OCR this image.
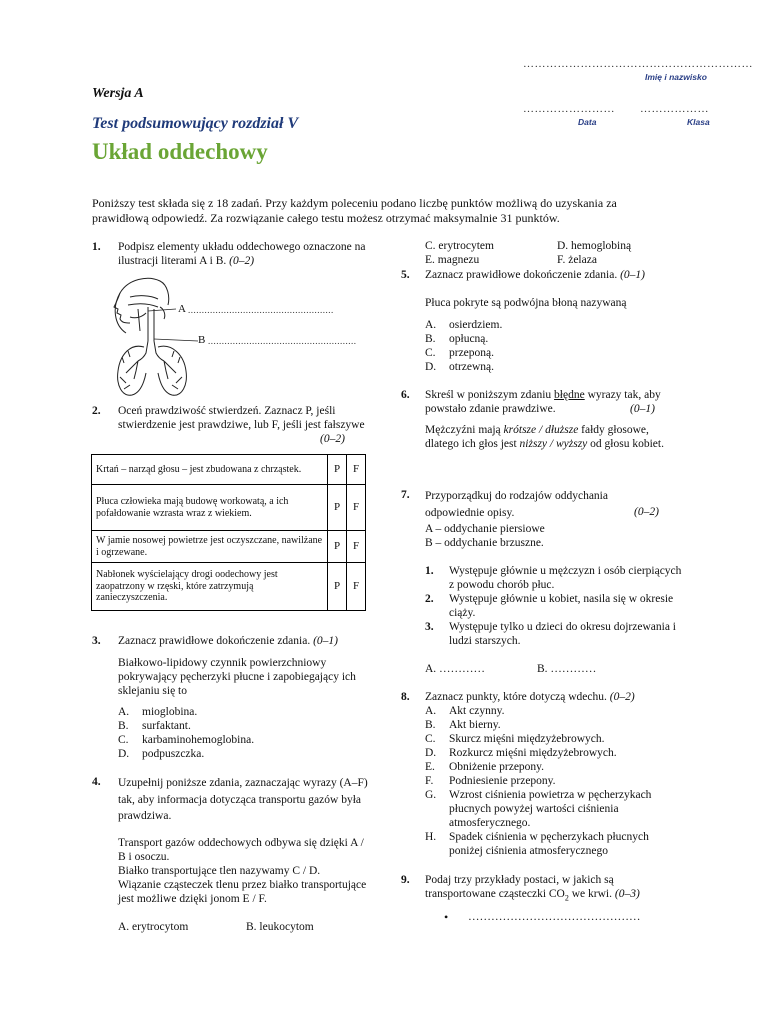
……………………………………………………
Imię i nazwisko
……………………
Data
………………
Klasa
Wersja A
Test podsumowujący rozdział V
Układ oddechowy
Poniższy test składa się z 18 zadań. Przy każdym poleceniu podano liczbę punktów możliwą do uzyskania za prawidłową odpowiedź. Za rozwiązanie całego testu możesz otrzymać maksymalnie 31 punktów.
1. Podpisz elementy układu oddechowego oznaczone na ilustracji literami A i B. (0–2)
A .....................................................
B ......................................................
2. Oceń prawdziwość stwierdzeń. Zaznacz P, jeśli stwierdzenie jest prawdziwe, lub F, jeśli jest fałszywe
(0–2)
Krtań – narząd głosu – jest zbudowana z chrząstek.	P	F
Płuca człowieka mają budowę workowatą, a ich pofałdowanie wzrasta wraz z wiekiem.	P	F
W jamie nosowej powietrze jest oczyszczane, nawilżane i ogrzewane.	P	F
Nabłonek wyścielający drogi oodechowy jest zaopatrzony w rzęski, które zatrzymują zanieczyszczenia.	P	F
3. Zaznacz prawidłowe dokończenie zdania. (0–1)
Białkowo-lipidowy czynnik powierzchniowy pokrywający pęcherzyki płucne i zapobiegający ich sklejaniu się to
A.	mioglobina.
B.	surfaktant.
C.	karbaminohemoglobina.
D.	podpuszczka.
4. Uzupełnij poniższe zdania, zaznaczając wyrazy (A–F) tak, aby informacja dotycząca transportu gazów była prawdziwa.
Transport gazów oddechowych odbywa się dzięki A / B i osoczu.
Białko transportujące tlen nazywamy C / D.
Wiązanie cząsteczek tlenu przez białko transportujące jest możliwe dzięki jonom E / F.
A. erytrocytom	B. leukocytom
C. erytrocytem	D. hemoglobiną
E. magnezu	F. żelaza
5. Zaznacz prawidłowe dokończenie zdania. (0–1)
Płuca pokryte są podwójna błoną nazywaną
A.	osierdziem.
B.	opłucną.
C.	przeponą.
D.	otrzewną.
6. Skreśl w poniższym zdaniu błędne wyrazy tak, aby powstało zdanie prawdziwe.	(0–1)
Mężczyźni mają krótsze / dłuższe fałdy głosowe, dlatego ich głos jest niższy / wyższy od głosu kobiet.
7. Przyporządkuj do rodzajów oddychania odpowiednie opisy.	(0–2)
A – oddychanie piersiowe
B – oddychanie brzuszne.
1.	Występuje głównie u mężczyzn i osób cierpiących z powodu chorób płuc.
2.	Występuje głównie u kobiet, nasila się w okresie ciąży.
3.	Występuje tylko u dzieci do okresu dojrzewania i ludzi starszych.
A. …………	B. …………
8. Zaznacz punkty, które dotyczą wdechu. (0–2)
A.	Akt czynny.
B.	Akt bierny.
C.	Skurcz mięśni międzyżebrowych.
D.	Rozkurcz mięśni międzyżebrowych.
E.	Obniżenie przepony.
F.	Podniesienie przepony.
G.	Wzrost ciśnienia powietrza w pęcherzykach płucnych powyżej wartości ciśnienia atmosferycznego.
H.	Spadek ciśnienia w pęcherzykach płucnych poniżej ciśnienia atmosferycznego
9. Podaj trzy przykłady postaci, w jakich są transportowane cząsteczki $CO_2$ we krwi. (0–3)
• ………………………………………
